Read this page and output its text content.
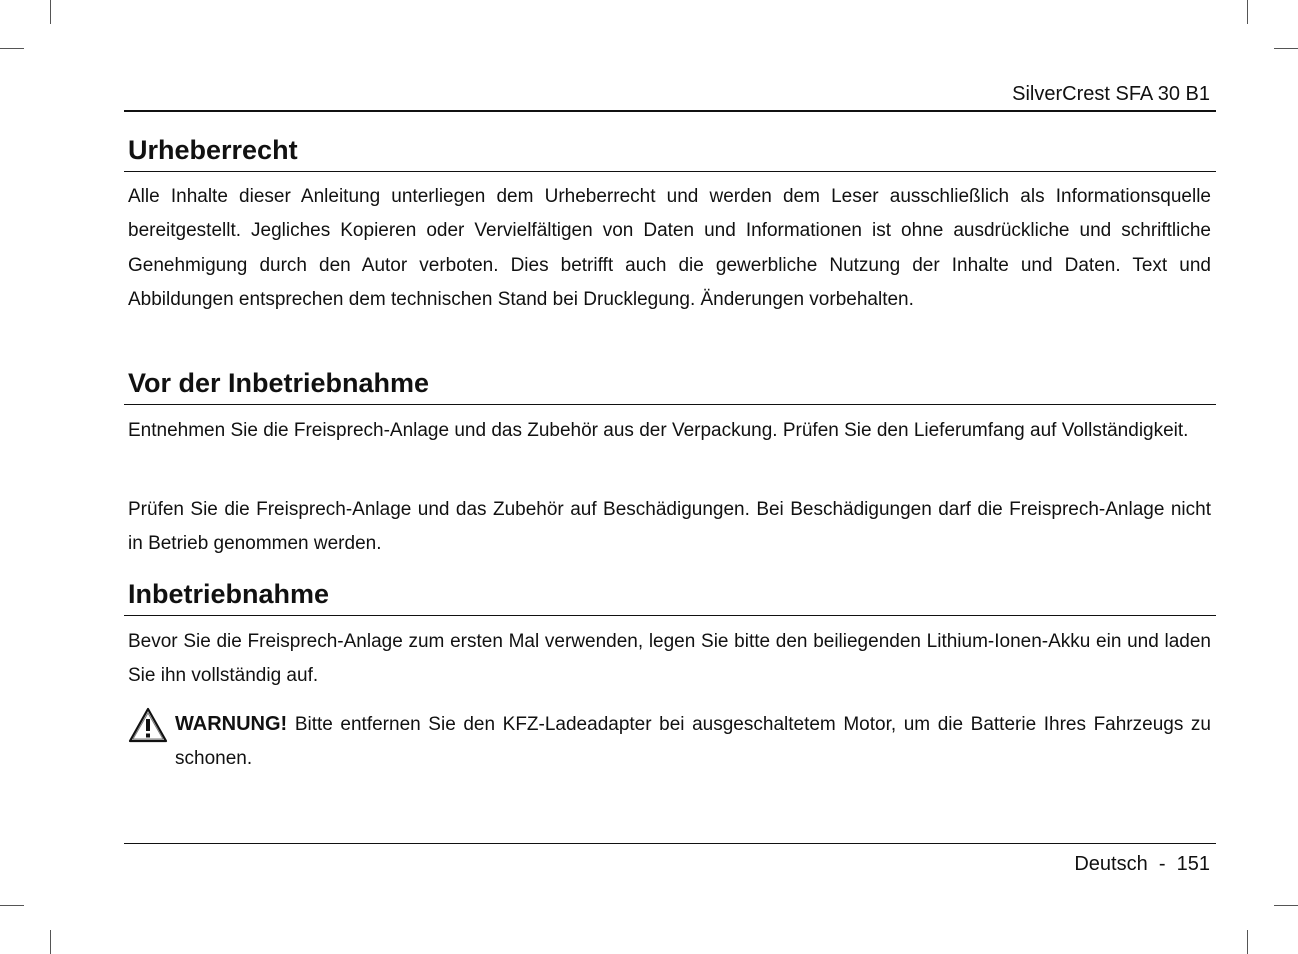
SilverCrest SFA 30 B1
Urheberrecht
Alle Inhalte dieser Anleitung unterliegen dem Urheberrecht und werden dem Leser ausschließlich als Informationsquelle bereitgestellt. Jegliches Kopieren oder Vervielfältigen von Daten und Informationen ist ohne ausdrückliche und schriftliche Genehmigung durch den Autor verboten. Dies betrifft auch die gewerbliche Nutzung der Inhalte und Daten. Text und Abbildungen entsprechen dem technischen Stand bei Drucklegung. Änderungen vorbehalten.
Vor der Inbetriebnahme
Entnehmen Sie die Freisprech-Anlage und das Zubehör aus der Verpackung. Prüfen Sie den Lieferumfang auf Vollständigkeit.
Prüfen Sie die Freisprech-Anlage und das Zubehör auf Beschädigungen. Bei Beschädigungen darf die Freisprech-Anlage nicht in Betrieb genommen werden.
Inbetriebnahme
Bevor Sie die Freisprech-Anlage zum ersten Mal verwenden, legen Sie bitte den beiliegenden Lithium-Ionen-Akku ein und laden Sie ihn vollständig auf.
WARNUNG! Bitte entfernen Sie den KFZ-Ladeadapter bei ausgeschaltetem Motor, um die Batterie Ihres Fahrzeugs zu schonen.
Deutsch - 151
